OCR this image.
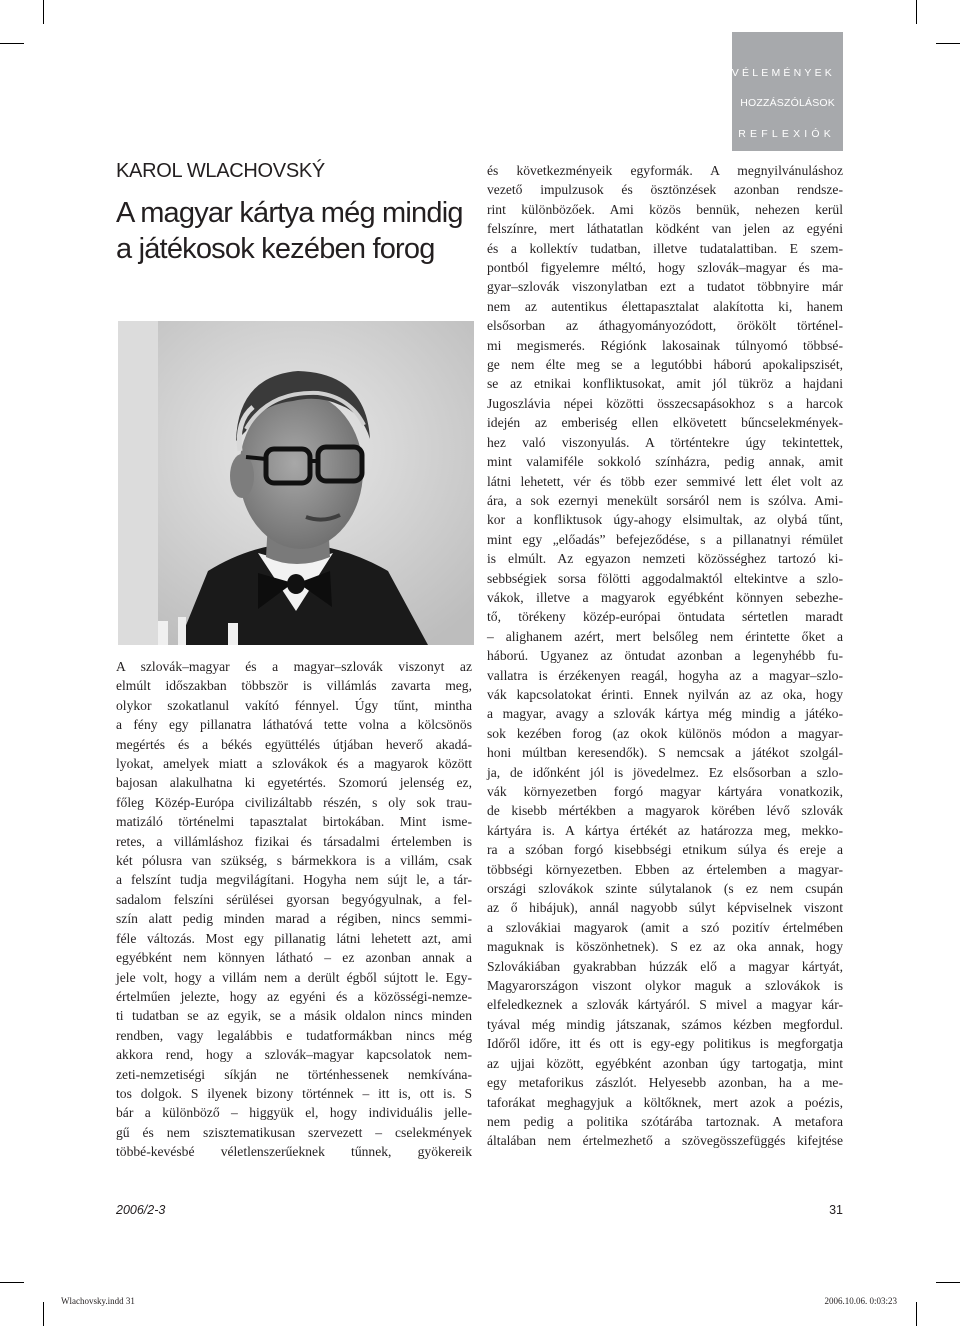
VÉLEMÉNYEK
HOZZÁSZÓLÁSOK
REFLEXIÓK
KAROL WLACHOVSKÝ
A magyar kártya még mindig
a játékosok kezében forog

A szlovák–magyar és a magyar–szlovák viszonyt az
elmúlt időszakban többször is villámlás zavarta meg,
olykor szokatlanul vakító fénnyel. Úgy tűnt, mintha
a fény egy pillanatra láthatóvá tette volna a kölcsönös
megértés és a békés együttélés útjában heverő akadá-
lyokat, amelyek miatt a szlovákok és a magyarok között
bajosan alakulhatna ki egyetértés. Szomorú jelenség ez,
főleg Közép-Európa civilizáltabb részén, s oly sok trau-
matizáló történelmi tapasztalat birtokában. Mint isme-
retes, a villámláshoz fizikai és társadalmi értelemben is
két pólusra van szükség, s bármekkora is a villám, csak
a felszínt tudja megvilágítani. Hogyha nem sújt le, a tár-
sadalom felszíni sérülései gyorsan begyógyulnak, a fel-
szín alatt pedig minden marad a régiben, nincs semmi-
féle változás. Most egy pillanatig látni lehetett azt, ami
egyébként nem könnyen látható – ez azonban annak a
jele volt, hogy a villám nem a derült égből sújtott le. Egy-
értelműen jelezte, hogy az egyéni és a közösségi-nemze-
ti tudatban se az egyik, se a másik oldalon nincs minden
rendben, vagy legalábbis e tudatformákban nincs még
akkora rend, hogy a szlovák–magyar kapcsolatok nem-
zeti-nemzetiségi síkján ne történhessenek nemkívána-
tos dolgok. S ilyenek bizony történnek – itt is, ott is. S
bár a különböző – higgyük el, hogy individuális jelle-
gű és nem szisztematikusan szervezett – cselekmények
többé-kevésbé véletlenszerűeknek tűnnek, gyökereik

és következményeik egyformák. A megnyilvánuláshoz
vezető impulzusok és ösztönzések azonban rendsze-
rint különbözőek. Ami közös bennük, nehezen kerül
felszínre, mert láthatatlan ködként van jelen az egyéni
és a kollektív tudatban, illetve tudatalattiban. E szem-
pontból figyelemre méltó, hogy szlovák–magyar és ma-
gyar–szlovák viszonylatban ezt a tudatot többnyire már
nem az autentikus élettapasztalat alakította ki, hanem
elsősorban az áthagyományozódott, örökölt történel-
mi megismerés. Régiónk lakosainak túlnyomó többsé-
ge nem élte meg se a legutóbbi háború apokalipszisét,
se az etnikai konfliktusokat, amit jól tükröz a hajdani
Jugoszlávia népei közötti összecsapásokhoz s a harcok
idején az emberiség ellen elkövetett bűncselekmények-
hez való viszonyulás. A történtekre úgy tekintettek,
mint valamiféle sokkoló színházra, pedig annak, amit
látni lehetett, vér és több ezer semmivé lett élet volt az
ára, a sok ezernyi menekült sorsáról nem is szólva. Ami-
kor a konfliktusok úgy-ahogy elsimultak, az olybá tűnt,
mint egy „előadás” befejeződése, s a pillanatnyi rémület
is elmúlt. Az egyazon nemzeti közösséghez tartozó ki-
sebbségiek sorsa fölötti aggodalmaktól eltekintve a szlo-
vákok, illetve a magyarok egyébként könnyen sebezhe-
tő, törékeny közép-európai öntudata sértetlen maradt
– alighanem azért, mert belsőleg nem érintette őket a
háború. Ugyanez az öntudat azonban a legenyhébb fu-
vallatra is érzékenyen reagál, hogyha az a magyar–szlo-
vák kapcsolatokat érinti. Ennek nyilván az az oka, hogy
a magyar, avagy a szlovák kártya még mindig a játéko-
sok kezében forog (az okok különös módon a magyar-
honi múltban keresendők). S nemcsak a játékot szolgál-
ja, de időnként jól is jövedelmez. Ez elsősorban a szlo-
vák környezetben forgó magyar kártyára vonatkozik,
de kisebb mértékben a magyarok körében lévő szlovák
kártyára is. A kártya értékét az határozza meg, mekko-
ra a szóban forgó kisebbségi etnikum súlya és ereje a
többségi környezetben. Ebben az értelemben a magyar-
országi szlovákok szinte súlytalanok (s ez nem csupán
az ő hibájuk), annál nagyobb súlyt képviselnek viszont
a szlovákiai magyarok (amit a szó pozitív értelmében
maguknak is köszönhetnek). S ez az oka annak, hogy
Szlovákiában gyakrabban húzzák elő a magyar kártyát,
Magyarországon viszont olykor maguk a szlovákok is
elfeledkeznek a szlovák kártyáról. S mivel a magyar kár-
tyával még mindig játszanak, számos kézben megfordul.
Időről időre, itt és ott is egy-egy politikus is megforgatja
az ujjai között, egyébként azonban úgy tartogatja, mint
egy metaforikus zászlót. Helyesebb azonban, ha a me-
taforákat meghagyjuk a költőknek, mert azok a poézis,
nem pedig a politika szótárába tartoznak. A metafora
általában nem értelmezhető a szövegösszefüggés kifejtése

2006/2-3	31
Wlachovsky.indd 31	2006.10.06. 0:03:23
